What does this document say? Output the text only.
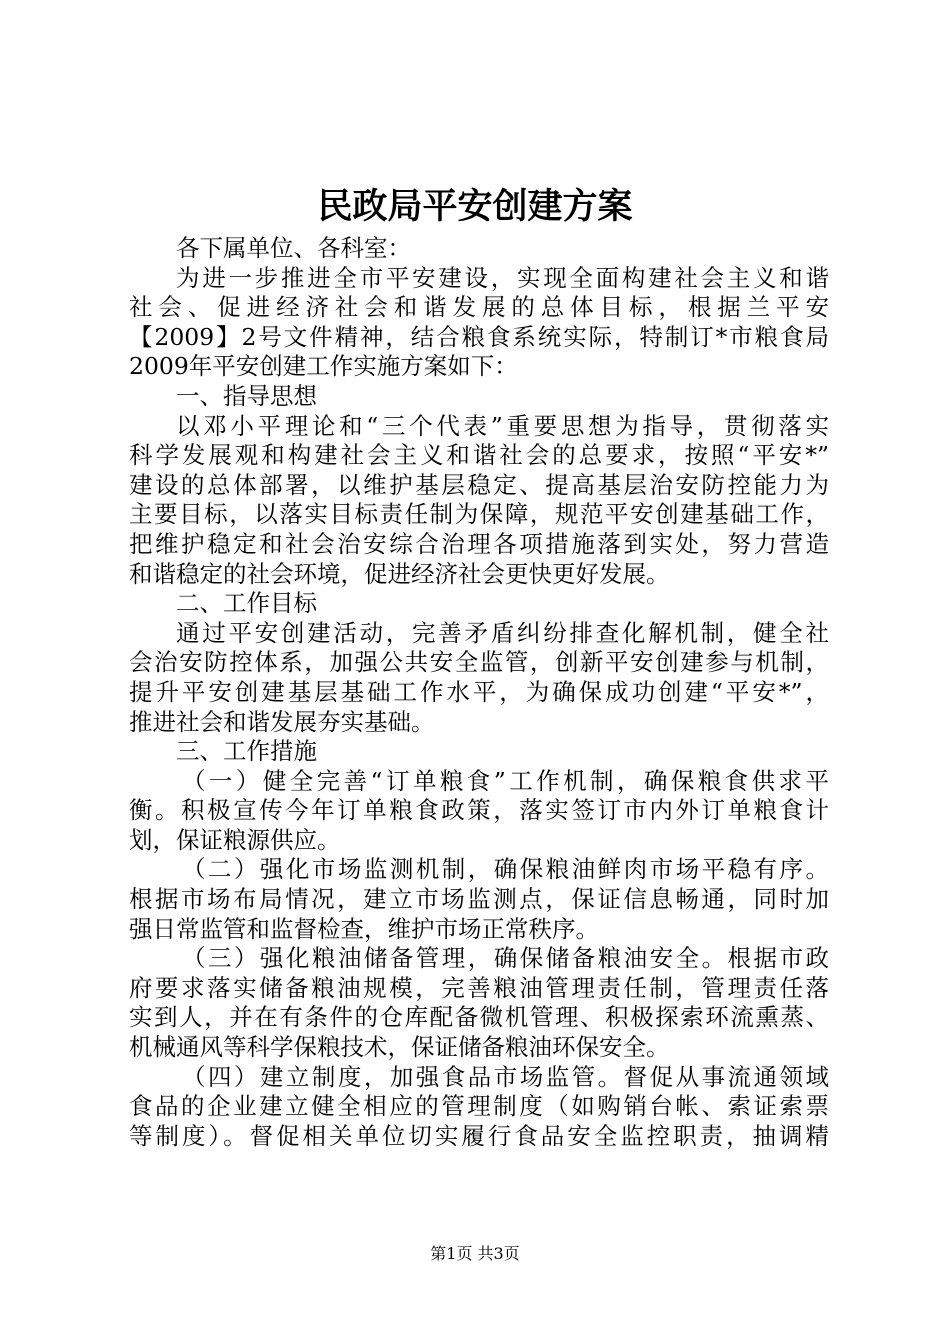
民政局平安创建方案
各下属单位、各科室：
为进一步推进全市平安建设，实现全面构建社会主义和谐
社会、促进经济社会和谐发展的总体目标，根据兰平安
【2009】2号文件精神，结合粮食系统实际，特制订*市粮食局
2009年平安创建工作实施方案如下：
一、指导思想
以邓小平理论和“三个代表”重要思想为指导，贯彻落实
科学发展观和构建社会主义和谐社会的总要求，按照“平安*”
建设的总体部署，以维护基层稳定、提高基层治安防控能力为
主要目标，以落实目标责任制为保障，规范平安创建基础工作，
把维护稳定和社会治安综合治理各项措施落到实处，努力营造
和谐稳定的社会环境，促进经济社会更快更好发展。
二、工作目标
通过平安创建活动，完善矛盾纠纷排查化解机制，健全社
会治安防控体系，加强公共安全监管，创新平安创建参与机制，
提升平安创建基层基础工作水平，为确保成功创建“平安*”，
推进社会和谐发展夯实基础。
三、工作措施
（一）健全完善“订单粮食”工作机制，确保粮食供求平
衡。积极宣传今年订单粮食政策，落实签订市内外订单粮食计
划，保证粮源供应。
（二）强化市场监测机制，确保粮油鲜肉市场平稳有序。
根据市场布局情况，建立市场监测点，保证信息畅通，同时加
强日常监管和监督检查，维护市场正常秩序。
（三）强化粮油储备管理，确保储备粮油安全。根据市政
府要求落实储备粮油规模，完善粮油管理责任制，管理责任落
实到人，并在有条件的仓库配备微机管理、积极探索环流熏蒸、
机械通风等科学保粮技术，保证储备粮油环保安全。
（四）建立制度，加强食品市场监管。督促从事流通领域
食品的企业建立健全相应的管理制度（如购销台帐、索证索票
等制度）。督促相关单位切实履行食品安全监控职责，抽调精
第1页 共3页
